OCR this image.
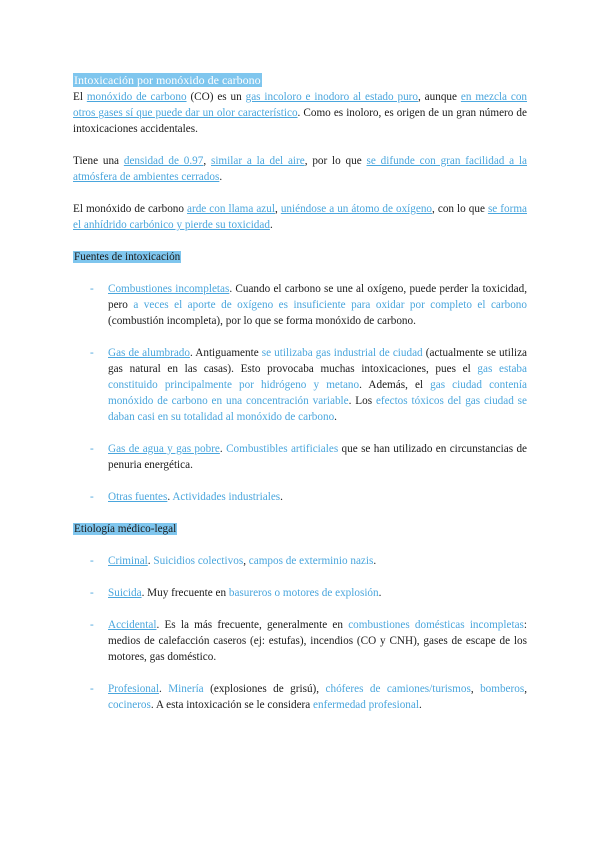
Intoxicación por monóxido de carbono

El monóxido de carbono (CO) es un gas incoloro e inodoro al estado puro, aunque en mezcla con otros gases sí que puede dar un olor característico. Como es inoloro, es origen de un gran número de intoxicaciones accidentales.

Tiene una densidad de 0.97, similar a la del aire, por lo que se difunde con gran facilidad a la atmósfera de ambientes cerrados.

El monóxido de carbono arde con llama azul, uniéndose a un átomo de oxígeno, con lo que se forma el anhídrido carbónico y pierde su toxicidad.

Fuentes de intoxicación

- Combustiones incompletas. Cuando el carbono se une al oxígeno, puede perder la toxicidad, pero a veces el aporte de oxígeno es insuficiente para oxidar por completo el carbono (combustión incompleta), por lo que se forma monóxido de carbono.
- Gas de alumbrado. Antiguamente se utilizaba gas industrial de ciudad (actualmente se utiliza gas natural en las casas). Esto provocaba muchas intoxicaciones, pues el gas estaba constituido principalmente por hidrógeno y metano. Además, el gas ciudad contenía monóxido de carbono en una concentración variable. Los efectos tóxicos del gas ciudad se daban casi en su totalidad al monóxido de carbono.
- Gas de agua y gas pobre. Combustibles artificiales que se han utilizado en circunstancias de penuria energética.
- Otras fuentes. Actividades industriales.

Etiología médico-legal

- Criminal. Suicidios colectivos, campos de exterminio nazis.
- Suicida. Muy frecuente en basureros o motores de explosión.
- Accidental. Es la más frecuente, generalmente en combustiones domésticas incompletas: medios de calefacción caseros (ej: estufas), incendios (CO y CNH), gases de escape de los motores, gas doméstico.
- Profesional. Minería (explosiones de grisú), chóferes de camiones/turismos, bomberos, cocineros. A esta intoxicación se le considera enfermedad profesional.
